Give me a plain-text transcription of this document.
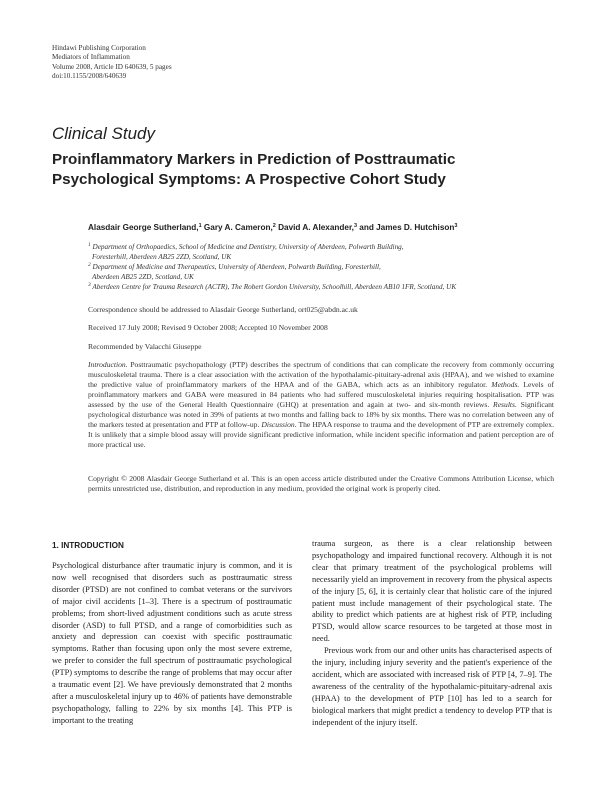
Hindawi Publishing Corporation
Mediators of Inflammation
Volume 2008, Article ID 640639, 5 pages
doi:10.1155/2008/640639
Clinical Study
Proinflammatory Markers in Prediction of Posttraumatic
Psychological Symptoms: A Prospective Cohort Study
Alasdair George Sutherland,$^1$ Gary A. Cameron,$^2$ David A. Alexander,$^3$ and James D. Hutchison$^3$
$^1$ Department of Orthopaedics, School of Medicine and Dentistry, University of Aberdeen, Polwarth Building,
Foresterhill, Aberdeen AB25 2ZD, Scotland, UK
$^2$ Department of Medicine and Therapeutics, University of Aberdeen, Polwarth Building, Foresterhill,
Aberdeen AB25 2ZD, Scotland, UK
$^3$ Aberdeen Centre for Trauma Research (ACTR), The Robert Gordon University, Schoolhill, Aberdeen AB10 1FR, Scotland, UK
Correspondence should be addressed to Alasdair George Sutherland, ort025@abdn.ac.uk
Received 17 July 2008; Revised 9 October 2008; Accepted 10 November 2008
Recommended by Valacchi Giuseppe
Introduction. Posttraumatic psychopathology (PTP) describes the spectrum of conditions that can complicate the recovery from commonly occurring musculoskeletal trauma. There is a clear association with the activation of the hypothalamic-pituitary-adrenal axis (HPAA), and we wished to examine the predictive value of proinflammatory markers of the HPAA and of the GABA, which acts as an inhibitory regulator. Methods. Levels of proinflammatory markers and GABA were measured in 84 patients who had suffered musculoskeletal injuries requiring hospitalisation. PTP was assessed by the use of the General Health Questionnaire (GHQ) at presentation and again at two- and six-month reviews. Results. Significant psychological disturbance was noted in 39% of patients at two months and falling back to 18% by six months. There was no correlation between any of the markers tested at presentation and PTP at follow-up. Discussion. The HPAA response to trauma and the development of PTP are extremely complex. It is unlikely that a simple blood assay will provide significant predictive information, while incident specific information and patient perception are of more practical use.
Copyright © 2008 Alasdair George Sutherland et al. This is an open access article distributed under the Creative Commons Attribution License, which permits unrestricted use, distribution, and reproduction in any medium, provided the original work is properly cited.
1. INTRODUCTION

Psychological disturbance after traumatic injury is common, and it is now well recognised that disorders such as posttraumatic stress disorder (PTSD) are not confined to combat veterans or the survivors of major civil accidents [1–3]. There is a spectrum of posttraumatic problems; from short-lived adjustment conditions such as acute stress disorder (ASD) to full PTSD, and a range of comorbidities such as anxiety and depression can coexist with specific posttraumatic symptoms. Rather than focusing upon only the most severe extreme, we prefer to consider the full spectrum of posttraumatic psychological (PTP) symptoms to describe the range of problems that may occur after a traumatic event [2]. We have previously demonstrated that 2 months after a musculoskeletal injury up to 46% of patients have demonstrable psychopathology, falling to 22% by six months [4]. This PTP is important to the treating

trauma surgeon, as there is a clear relationship between psychopathology and impaired functional recovery. Although it is not clear that primary treatment of the psychological problems will necessarily yield an improvement in recovery from the physical aspects of the injury [5, 6], it is certainly clear that holistic care of the injured patient must include management of their psychological state. The ability to predict which patients are at highest risk of PTP, including PTSD, would allow scarce resources to be targeted at those most in need.

Previous work from our and other units has characterised aspects of the injury, including injury severity and the patient's experience of the accident, which are associated with increased risk of PTP [4, 7–9]. The awareness of the centrality of the hypothalamic-pituitary-adrenal axis (HPAA) to the development of PTP [10] has led to a search for biological markers that might predict a tendency to develop PTP that is independent of the injury itself.
